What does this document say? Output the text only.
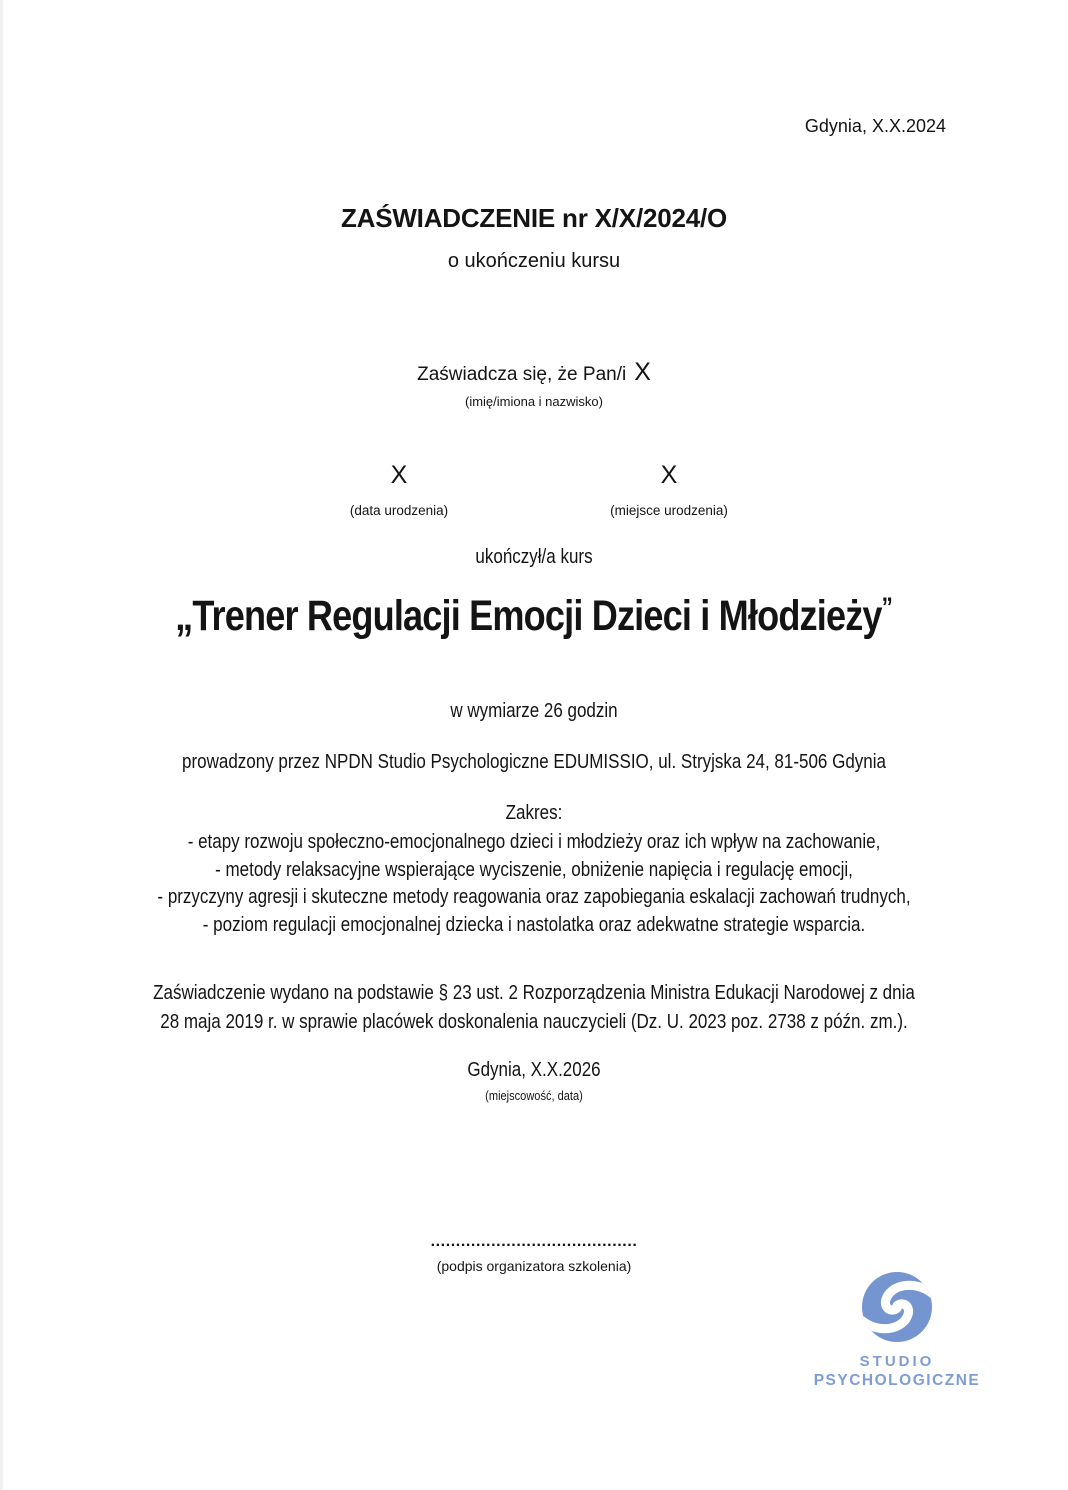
Gdynia, X.X.2024
ZAŚWIADCZENIE nr X/X/2024/O
o ukończeniu kursu
Zaświadcza się, że Pan/i X
(imię/imiona i nazwisko)
X
(data urodzenia)
X
(miejsce urodzenia)
ukończył/a kurs
„Trener Regulacji Emocji Dzieci i Młodzieży”
w wymiarze 26 godzin
prowadzony przez NPDN Studio Psychologiczne EDUMISSIO, ul. Stryjska 24, 81-506 Gdynia
Zakres:
- etapy rozwoju społeczno-emocjonalnego dzieci i młodzieży oraz ich wpływ na zachowanie,
- metody relaksacyjne wspierające wyciszenie, obniżenie napięcia i regulację emocji,
- przyczyny agresji i skuteczne metody reagowania oraz zapobiegania eskalacji zachowań trudnych,
- poziom regulacji emocjonalnej dziecka i nastolatka oraz adekwatne strategie wsparcia.
Zaświadczenie wydano na podstawie § 23 ust. 2 Rozporządzenia Ministra Edukacji Narodowej z dnia
28 maja 2019 r. w sprawie placówek doskonalenia nauczycieli (Dz. U. 2023 poz. 2738 z późn. zm.).
Gdynia, X.X.2026
(miejscowość, data)
.........................................
(podpis organizatora szkolenia)
STUDIO
PSYCHOLOGICZNE
